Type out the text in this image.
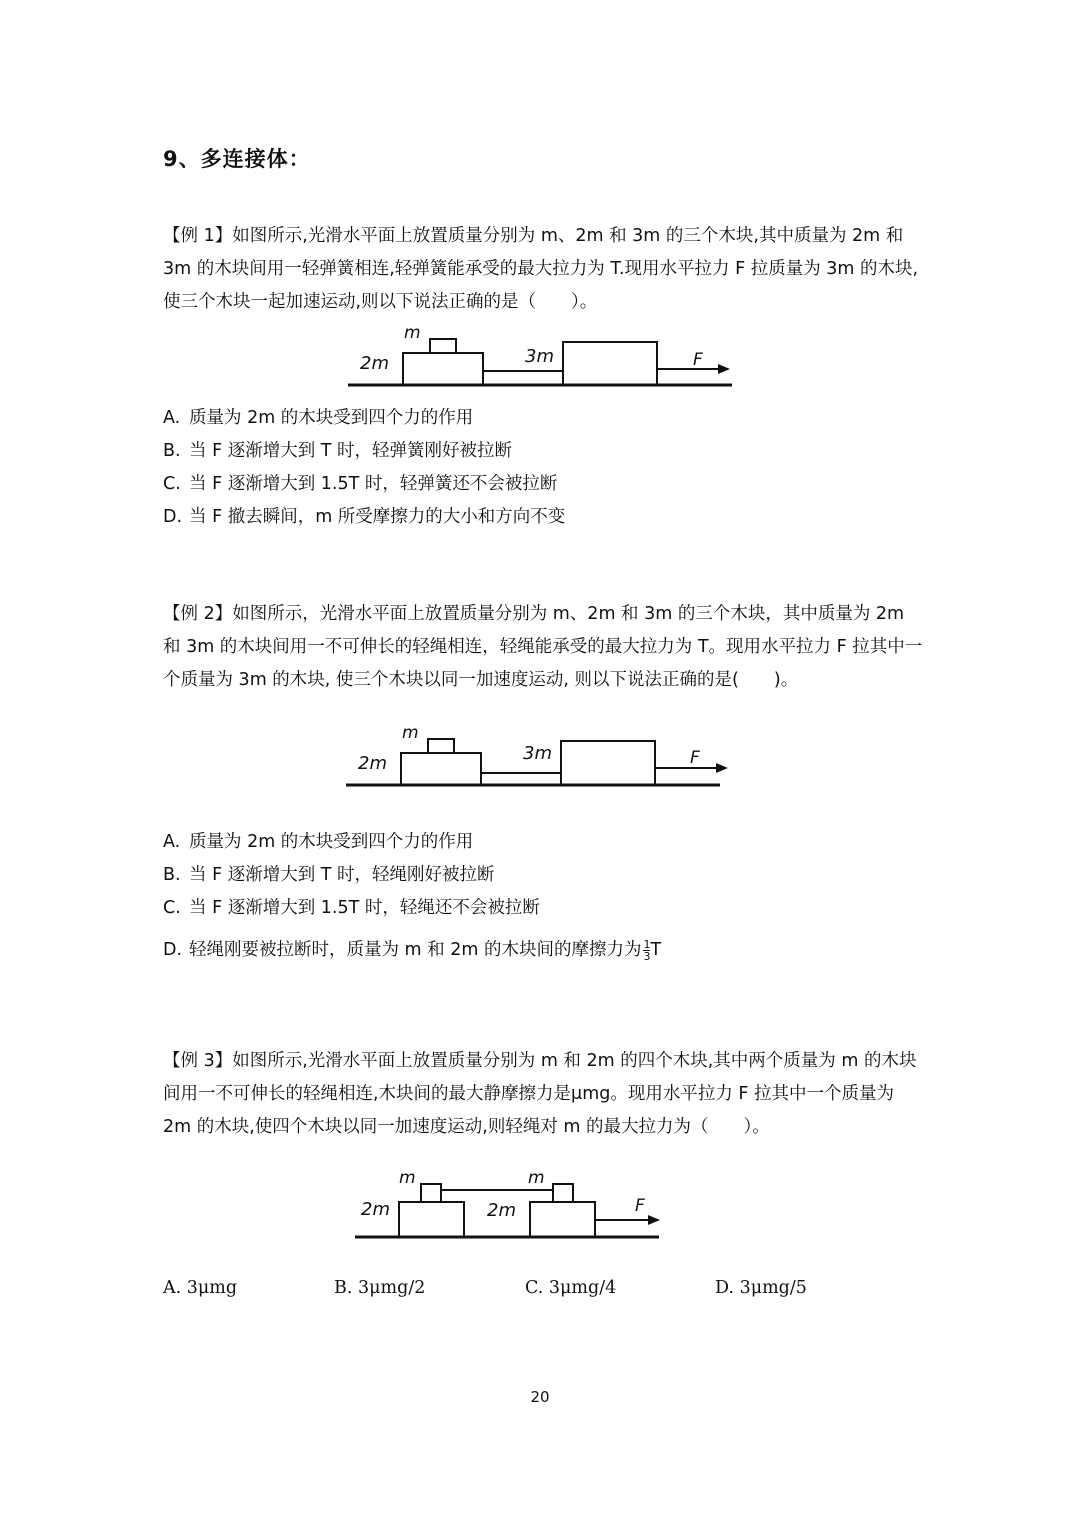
9、多连接体：
【例 1】如图所示,光滑水平面上放置质量分别为 m、2m 和 3m 的三个木块,其中质量为 2m 和 3m 的木块间用一轻弹簧相连,轻弹簧能承受的最大拉力为 T.现用水平拉力 F 拉质量为 3m 的木块,使三个木块一起加速运动,则以下说法正确的是（　　）。
m
2m	3m	F
A. 质量为 2m 的木块受到四个力的作用
B. 当 F 逐渐增大到 T 时，轻弹簧刚好被拉断
C. 当 F 逐渐增大到 1.5T 时，轻弹簧还不会被拉断
D. 当 F 撤去瞬间，m 所受摩擦力的大小和方向不变
【例 2】如图所示，光滑水平面上放置质量分别为 m、2m 和 3m 的三个木块，其中质量为 2m 和 3m 的木块间用一不可伸长的轻绳相连，轻绳能承受的最大拉力为 T。现用水平拉力 F 拉其中一个质量为 3m 的木块, 使三个木块以同一加速度运动, 则以下说法正确的是(　　)。
m
2m	3m	F
A. 质量为 2m 的木块受到四个力的作用
B. 当 F 逐渐增大到 T 时，轻绳刚好被拉断
C. 当 F 逐渐增大到 1.5T 时，轻绳还不会被拉断
D. 轻绳刚要被拉断时，质量为 m 和 2m 的木块间的摩擦力为 $\frac{1}{3}$ T
【例 3】如图所示,光滑水平面上放置质量分别为 m 和 2m 的四个木块,其中两个质量为 m 的木块间用一不可伸长的轻绳相连,木块间的最大静摩擦力是μmg。现用水平拉力 F 拉其中一个质量为 2m 的木块,使四个木块以同一加速度运动,则轻绳对 m 的最大拉力为（　　）。
m	m
2m	2m	F
A. 3μmg	B. 3μmg/2	C. 3μmg/4	D. 3μmg/5
20
